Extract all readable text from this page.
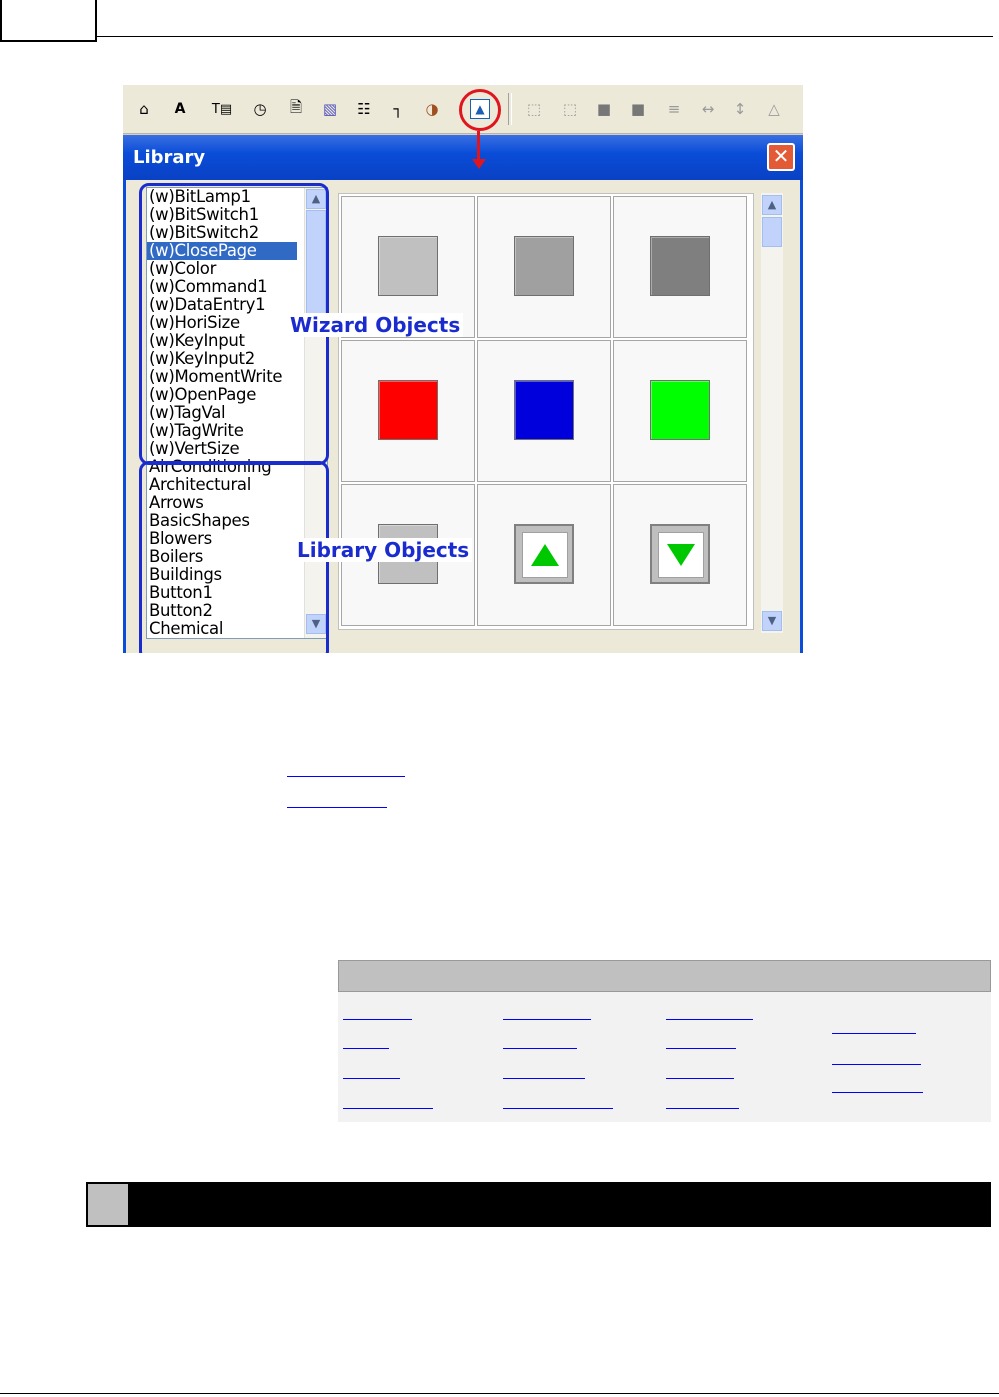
⌂	A	T▤ ◷	🗎	▧ ☷	┐	◑	▲	⬚ ⬚ ■ ■	≡	↔	↕	△
Library	✕
(w)BitLamp1
(w)BitSwitch1
(w)BitSwitch2
(w)ClosePage
(w)Color
(w)Command1
(w)DataEntry1
(w)HoriSize
(w)KeyInput
(w)KeyInput2
(w)MomentWrite
(w)OpenPage
(w)TagVal
(w)TagWrite
(w)VertSize
AirConditioning
Architectural
Arrows
BasicShapes
Blowers
Boilers
Buildings
Button1
Button2
Chemical
▲
▼
▲
▼
Wizard Objects
Library Objects
